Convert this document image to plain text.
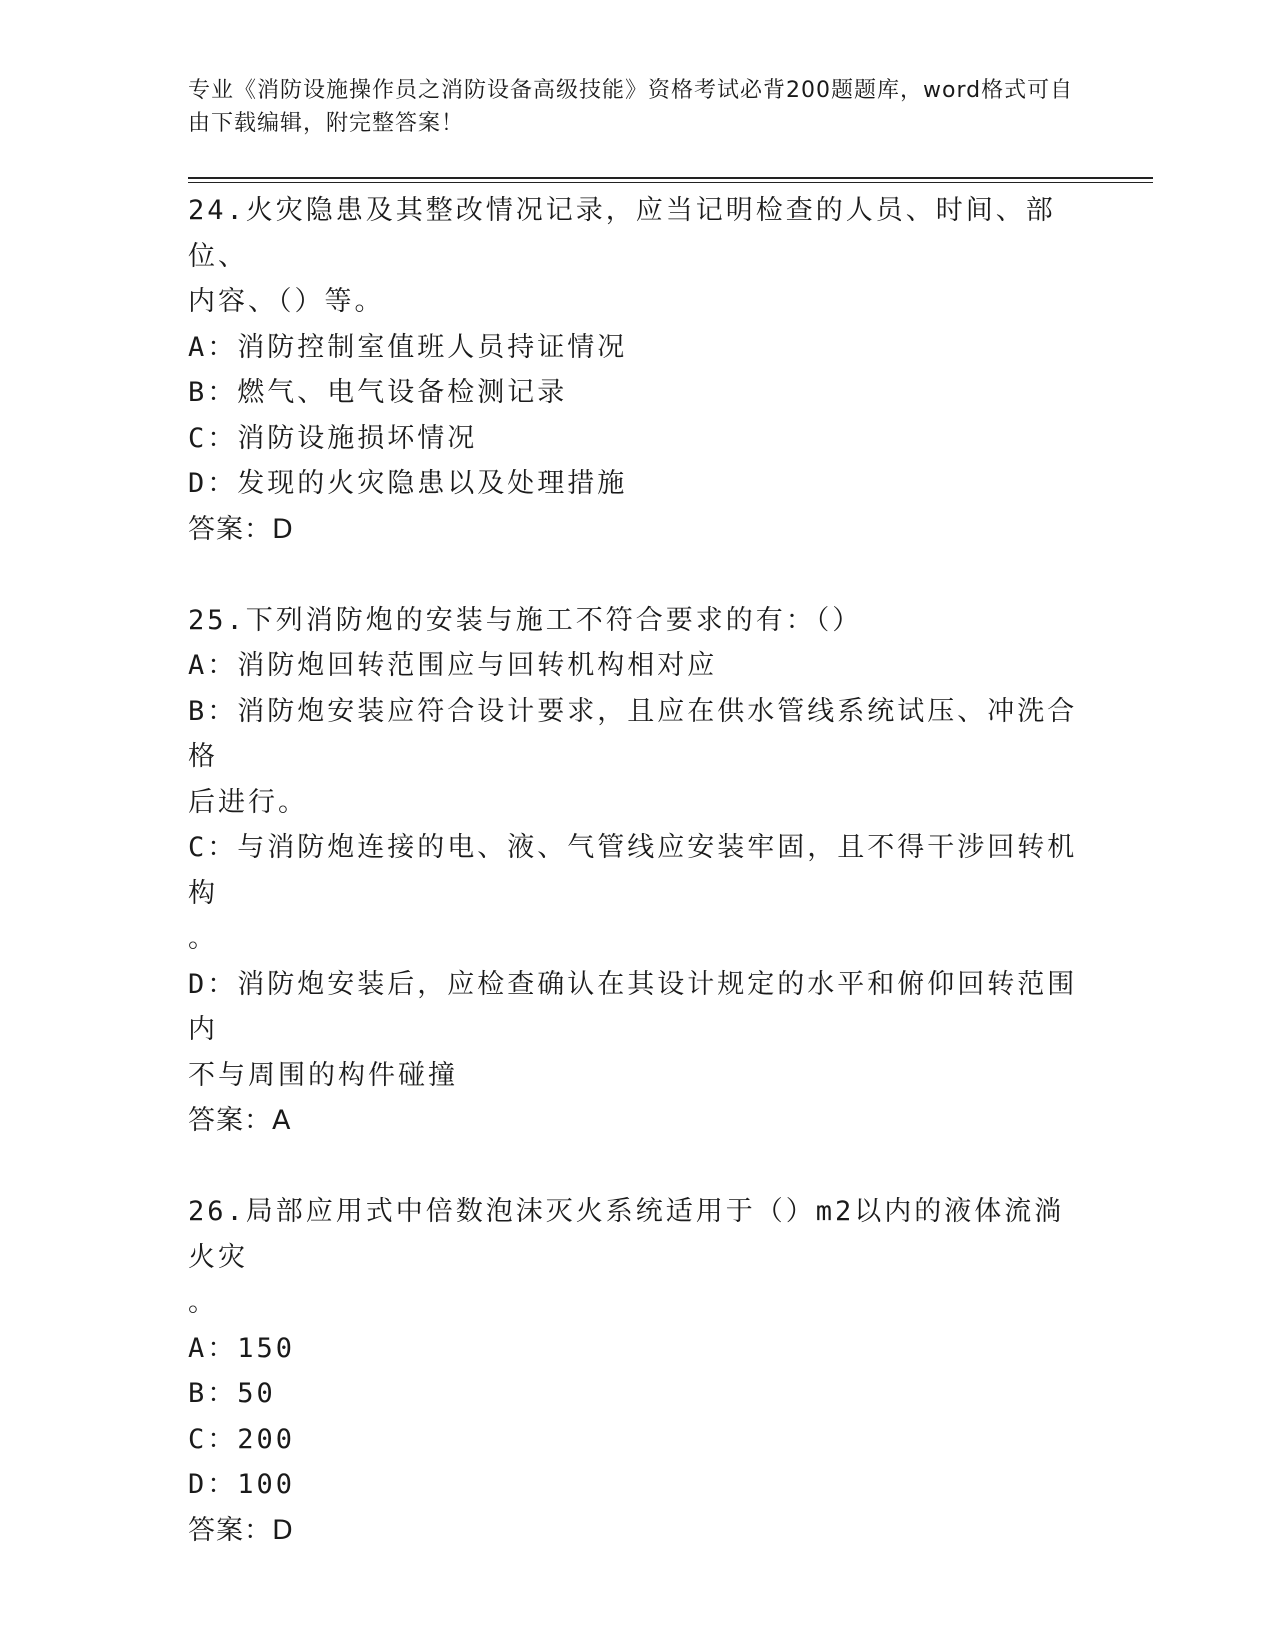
专业《消防设施操作员之消防设备高级技能》资格考试必背200题题库，word格式可自由下载编辑，附完整答案！
24.火灾隐患及其整改情况记录，应当记明检查的人员、时间、部位、
内容、（）等。
A：消防控制室值班人员持证情况
B：燃气、电气设备检测记录
C：消防设施损坏情况
D：发现的火灾隐患以及处理措施
答案：D
25.下列消防炮的安装与施工不符合要求的有：（）
A：消防炮回转范围应与回转机构相对应
B：消防炮安装应符合设计要求，且应在供水管线系统试压、冲洗合格
后进行。
C：与消防炮连接的电、液、气管线应安装牢固，且不得干涉回转机构
。
D：消防炮安装后，应检查确认在其设计规定的水平和俯仰回转范围内
不与周围的构件碰撞
答案：A
26.局部应用式中倍数泡沫灭火系统适用于（）m2以内的液体流淌火灾
。
A：150
B：50
C：200
D：100
答案：D
